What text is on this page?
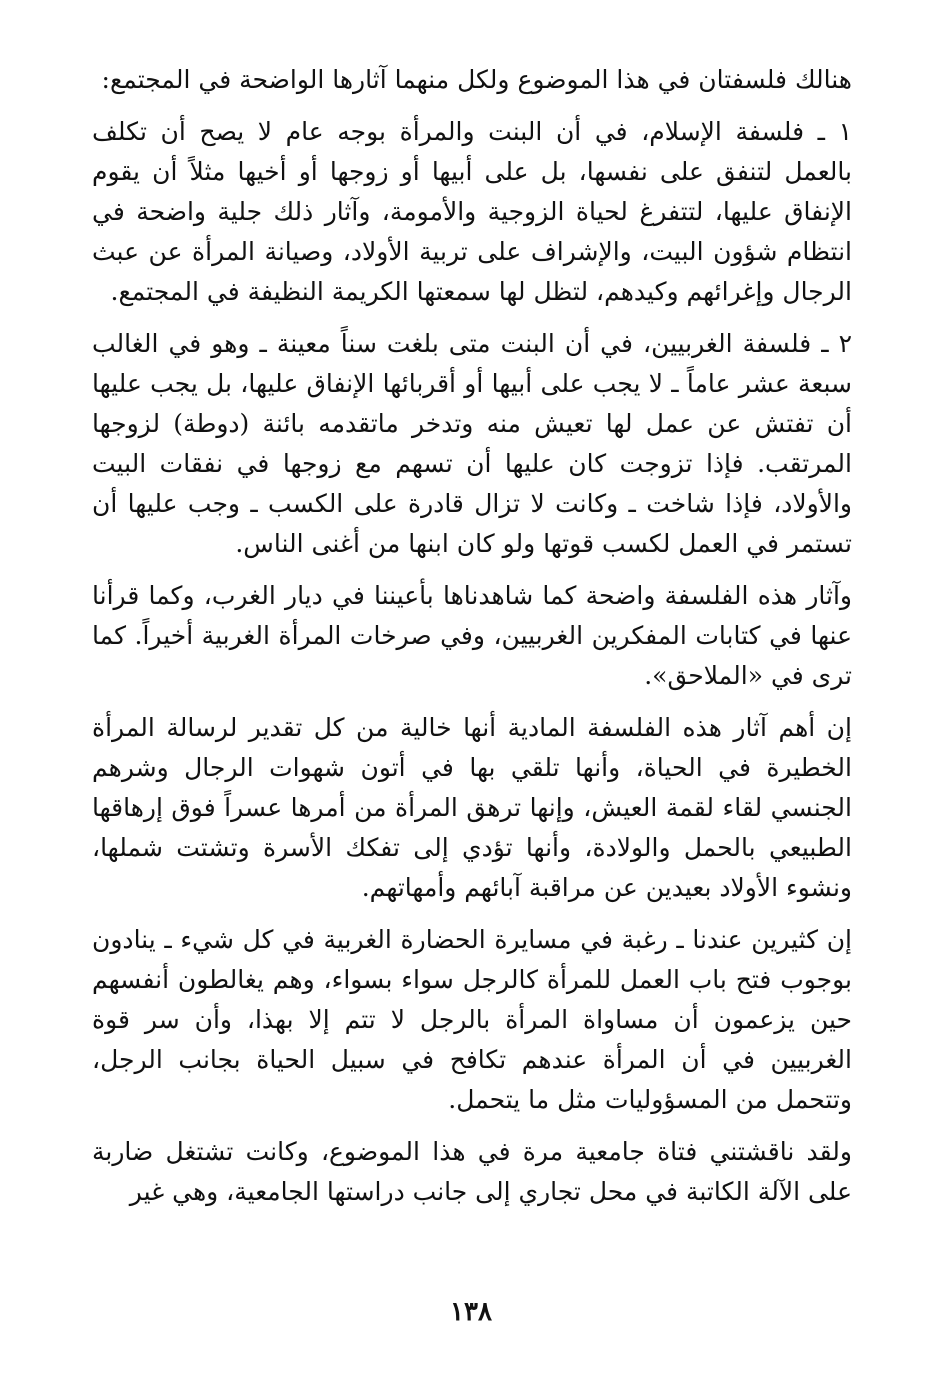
هنالك فلسفتان في هذا الموضوع ولكل منهما آثارها الواضحة في المجتمع:

١ ـ فلسفة الإسلام، في أن البنت والمرأة بوجه عام لا يصح أن تكلف بالعمل لتنفق على نفسها، بل على أبيها أو زوجها أو أخيها مثلاً أن يقوم الإنفاق عليها، لتتفرغ لحياة الزوجية والأمومة، وآثار ذلك جلية واضحة في انتظام شؤون البيت، والإشراف على تربية الأولاد، وصيانة المرأة عن عبث الرجال وإغرائهم وكيدهم، لتظل لها سمعتها الكريمة النظيفة في المجتمع.

٢ ـ فلسفة الغربيين، في أن البنت متى بلغت سناً معينة ـ وهو في الغالب سبعة عشر عاماً ـ لا يجب على أبيها أو أقربائها الإنفاق عليها، بل يجب عليها أن تفتش عن عمل لها تعيش منه وتدخر ماتقدمه بائنة (دوطة) لزوجها المرتقب. فإذا تزوجت كان عليها أن تسهم مع زوجها في نفقات البيت والأولاد، فإذا شاخت ـ وكانت لا تزال قادرة على الكسب ـ وجب عليها أن تستمر في العمل لكسب قوتها ولو كان ابنها من أغنى الناس.

وآثار هذه الفلسفة واضحة كما شاهدناها بأعيننا في ديار الغرب، وكما قرأنا عنها في كتابات المفكرين الغربيين، وفي صرخات المرأة الغربية أخيراً. كما ترى في «الملاحق».

إن أهم آثار هذه الفلسفة المادية أنها خالية من كل تقدير لرسالة المرأة الخطيرة في الحياة، وأنها تلقي بها في أتون شهوات الرجال وشرهم الجنسي لقاء لقمة العيش، وإنها ترهق المرأة من أمرها عسراً فوق إرهاقها الطبيعي بالحمل والولادة، وأنها تؤدي إلى تفكك الأسرة وتشتت شملها، ونشوء الأولاد بعيدين عن مراقبة آبائهم وأمهاتهم.

إن كثيرين عندنا ـ رغبة في مسايرة الحضارة الغربية في كل شيء ـ ينادون بوجوب فتح باب العمل للمرأة كالرجل سواء بسواء، وهم يغالطون أنفسهم حين يزعمون أن مساواة المرأة بالرجل لا تتم إلا بهذا، وأن سر قوة الغربيين في أن المرأة عندهم تكافح في سبيل الحياة بجانب الرجل، وتتحمل من المسؤوليات مثل ما يتحمل.

ولقد ناقشتني فتاة جامعية مرة في هذا الموضوع، وكانت تشتغل ضاربة على الآلة الكاتبة في محل تجاري إلى جانب دراستها الجامعية، وهي غير

١٣٨
